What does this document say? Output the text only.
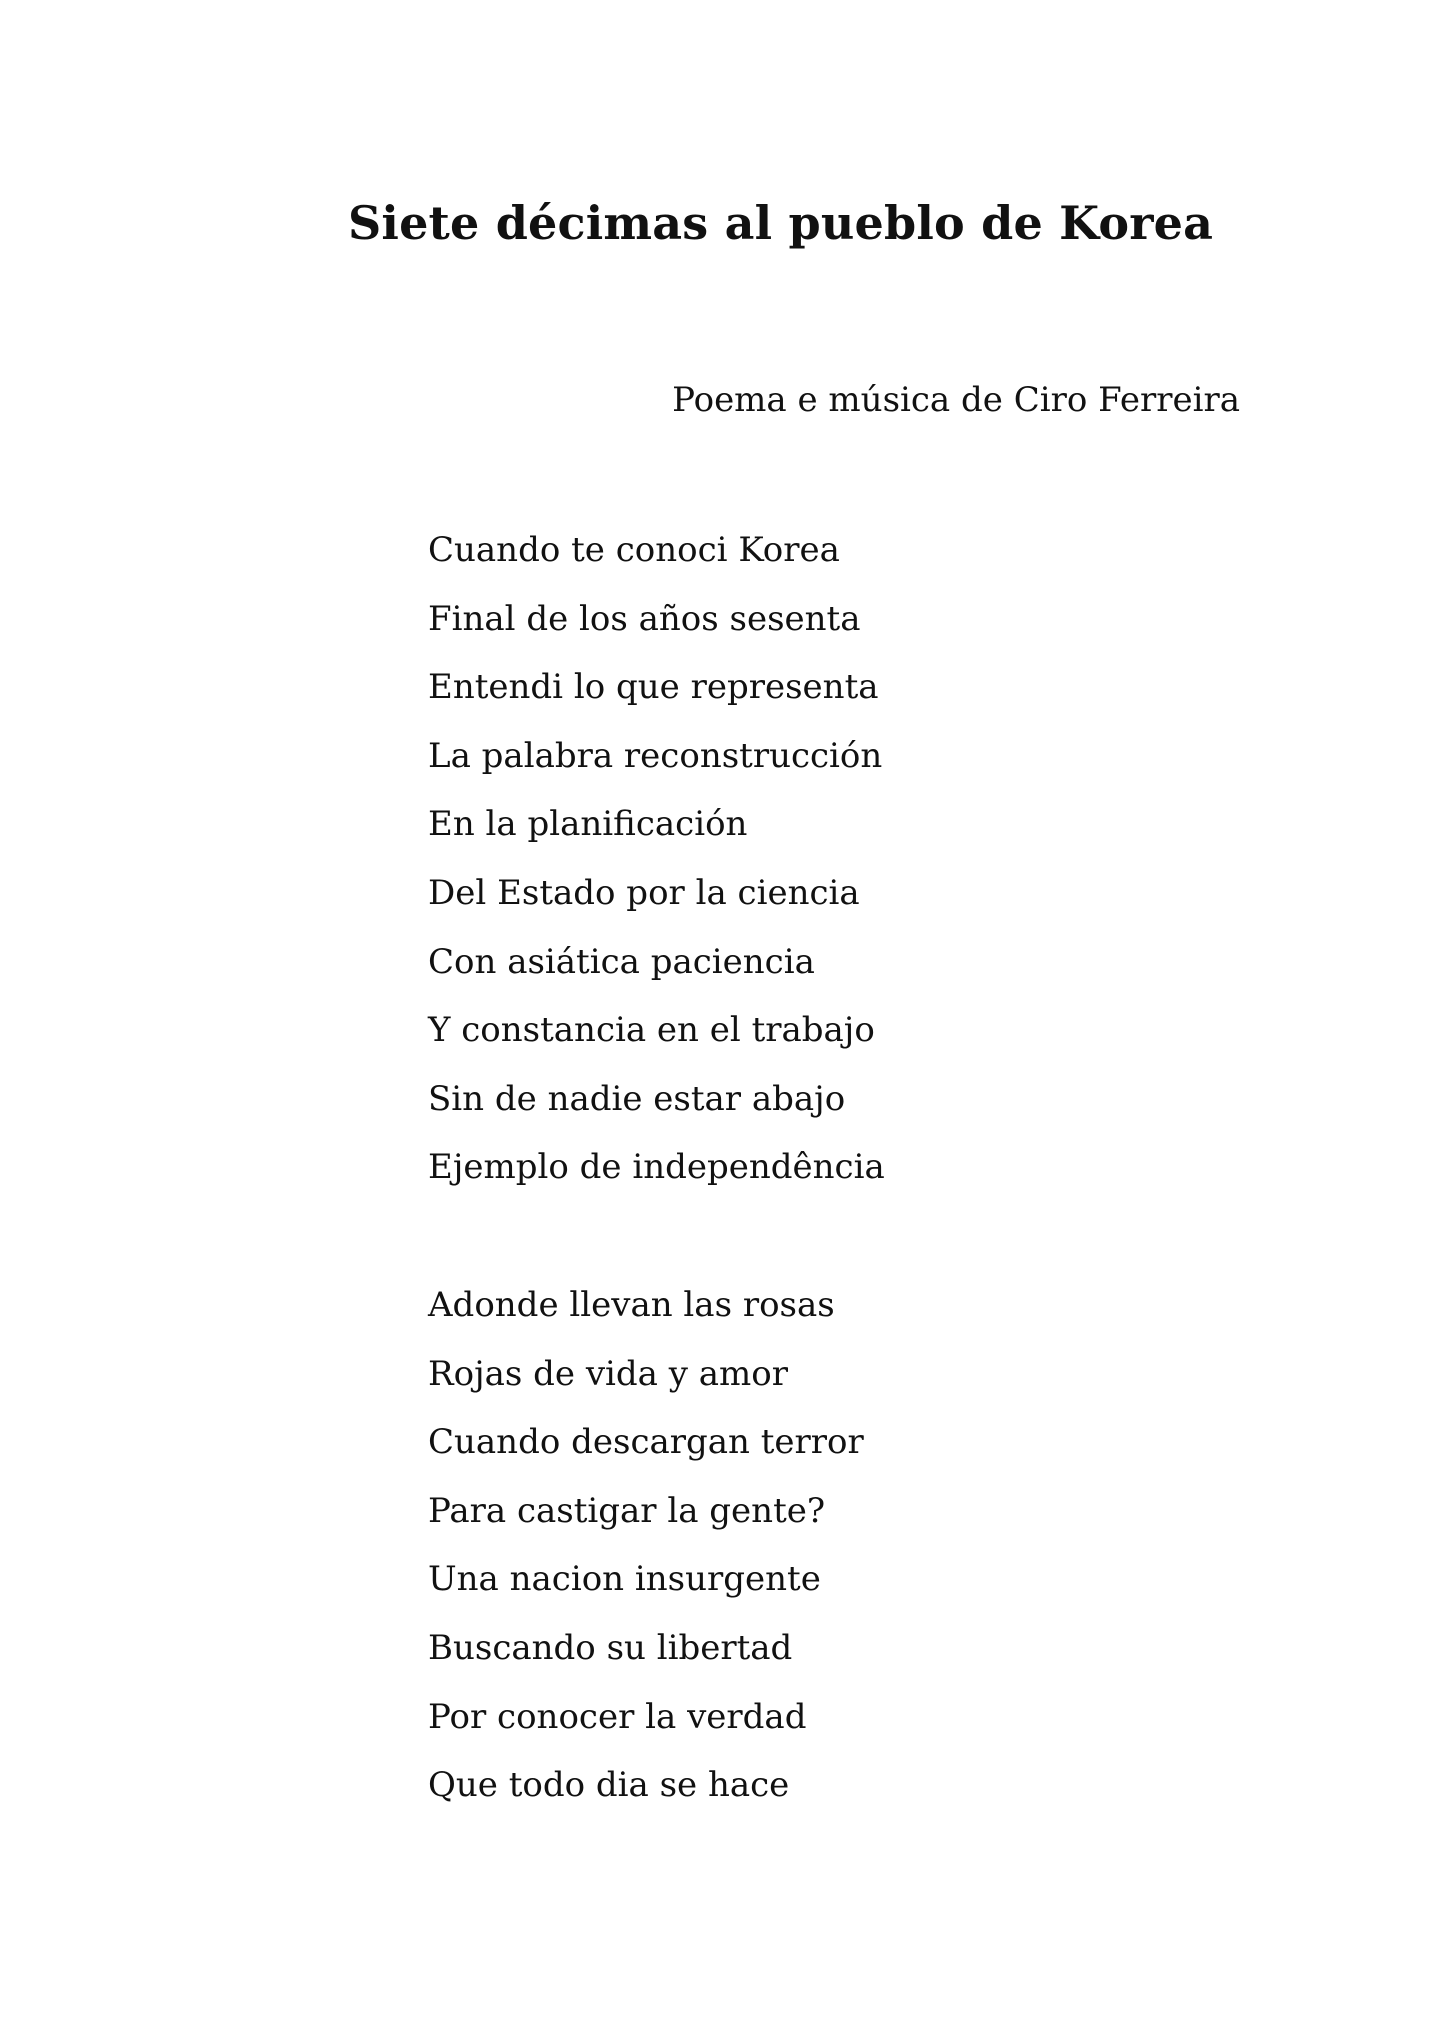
Siete décimas al pueblo de Korea
Poema e música de Ciro Ferreira
Cuando te conoci Korea
Final de los años sesenta
Entendi lo que representa
La palabra reconstrucción
En la planificación
Del Estado por la ciencia
Con asiática paciencia
Y constancia en el trabajo
Sin de nadie estar abajo
Ejemplo de independência
Adonde llevan las rosas
Rojas de vida y amor
Cuando descargan terror
Para castigar la gente?
Una nacion insurgente
Buscando su libertad
Por conocer la verdad
Que todo dia se hace
